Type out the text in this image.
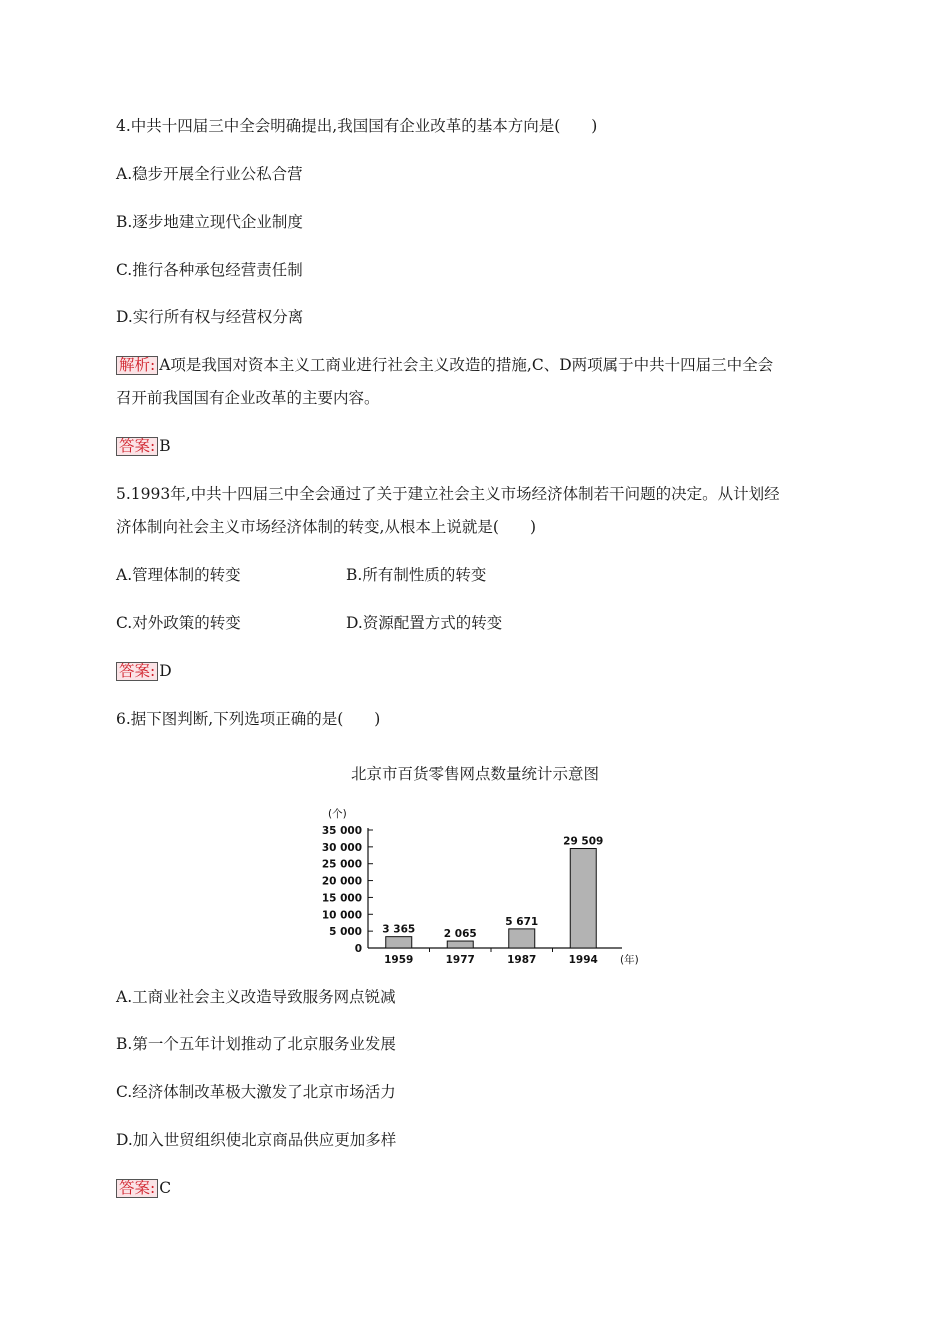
4.中共十四届三中全会明确提出,我国国有企业改革的基本方向是(　　)
A.稳步开展全行业公私合营
B.逐步地建立现代企业制度
C.推行各种承包经营责任制
D.实行所有权与经营权分离
解析: A项是我国对资本主义工商业进行社会主义改造的措施,C、D两项属于中共十四届三中全会
召开前我国国有企业改革的主要内容。
答案: B
5.1993年,中共十四届三中全会通过了关于建立社会主义市场经济体制若干问题的决定。从计划经
济体制向社会主义市场经济体制的转变,从根本上说就是(　　)
A.管理体制的转变	B.所有制性质的转变
C.对外政策的转变	D.资源配置方式的转变
答案: D
6.据下图判断,下列选项正确的是(　　)
北京市百货零售网点数量统计示意图
(个)
(年)
0
5 000
10 000
15 000
20 000
25 000
30 000
35 000
1959	1977	1987	1994
3 365	2 065
5 671
29 509
A.工商业社会主义改造导致服务网点锐减
B.第一个五年计划推动了北京服务业发展
C.经济体制改革极大激发了北京市场活力
D.加入世贸组织使北京商品供应更加多样
答案: C
